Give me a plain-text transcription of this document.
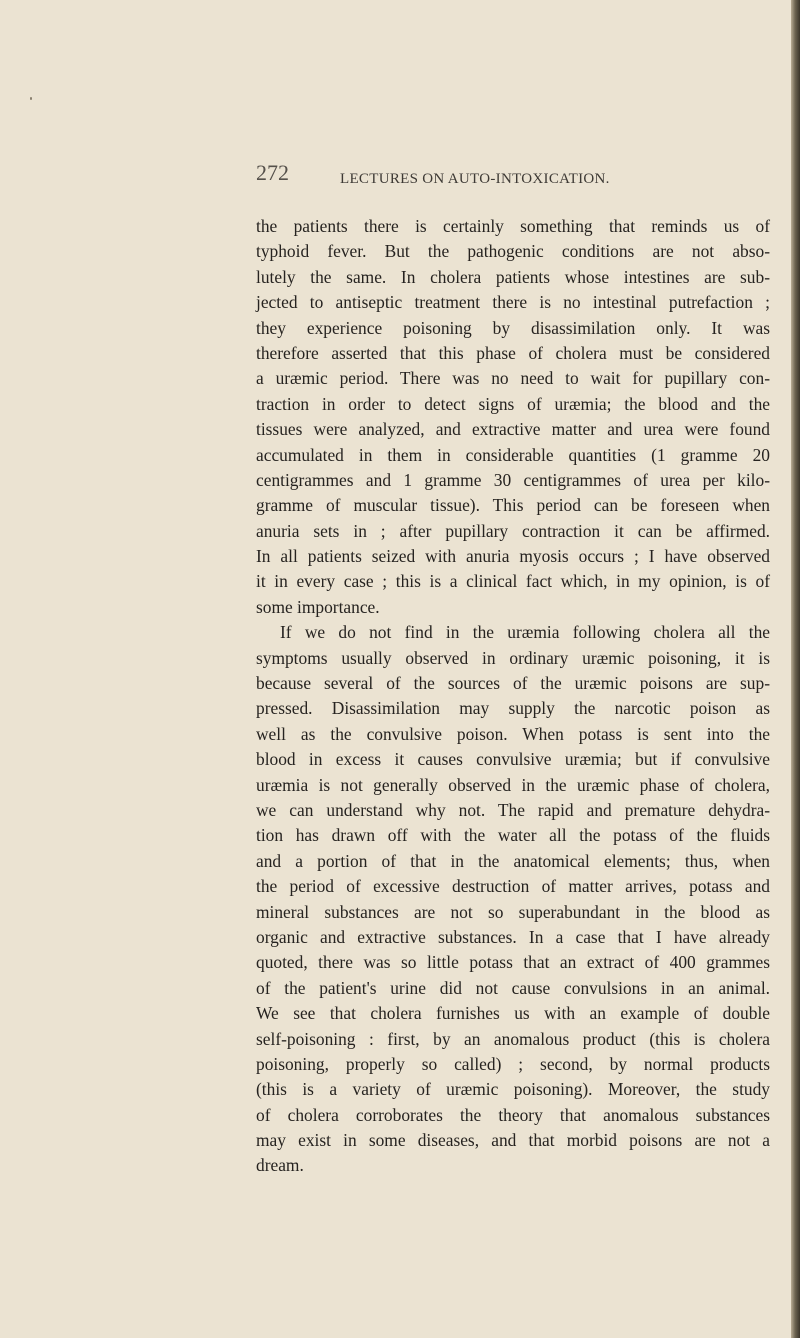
272	LECTURES ON AUTO-INTOXICATION.
the patients there is certainly something that reminds us of
typhoid fever. But the pathogenic conditions are not abso-
lutely the same. In cholera patients whose intestines are sub-
jected to antiseptic treatment there is no intestinal putrefaction ;
they experience poisoning by disassimilation only. It was
therefore asserted that this phase of cholera must be considered
a uræmic period. There was no need to wait for pupillary con-
traction in order to detect signs of uræmia; the blood and the
tissues were analyzed, and extractive matter and urea were found
accumulated in them in considerable quantities (1 gramme 20
centigrammes and 1 gramme 30 centigrammes of urea per kilo-
gramme of muscular tissue). This period can be foreseen when
anuria sets in ; after pupillary contraction it can be affirmed.
In all patients seized with anuria myosis occurs ; I have observed
it in every case ; this is a clinical fact which, in my opinion, is of
some importance.
If we do not find in the uræmia following cholera all the
symptoms usually observed in ordinary uræmic poisoning, it is
because several of the sources of the uræmic poisons are sup-
pressed. Disassimilation may supply the narcotic poison as
well as the convulsive poison. When potass is sent into the
blood in excess it causes convulsive uræmia; but if convulsive
uræmia is not generally observed in the uræmic phase of cholera,
we can understand why not. The rapid and premature dehydra-
tion has drawn off with the water all the potass of the fluids
and a portion of that in the anatomical elements; thus, when
the period of excessive destruction of matter arrives, potass and
mineral substances are not so superabundant in the blood as
organic and extractive substances. In a case that I have already
quoted, there was so little potass that an extract of 400 grammes
of the patient's urine did not cause convulsions in an animal.
We see that cholera furnishes us with an example of double
self-poisoning : first, by an anomalous product (this is cholera
poisoning, properly so called) ; second, by normal products
(this is a variety of uræmic poisoning). Moreover, the study
of cholera corroborates the theory that anomalous substances
may exist in some diseases, and that morbid poisons are not a
dream.
